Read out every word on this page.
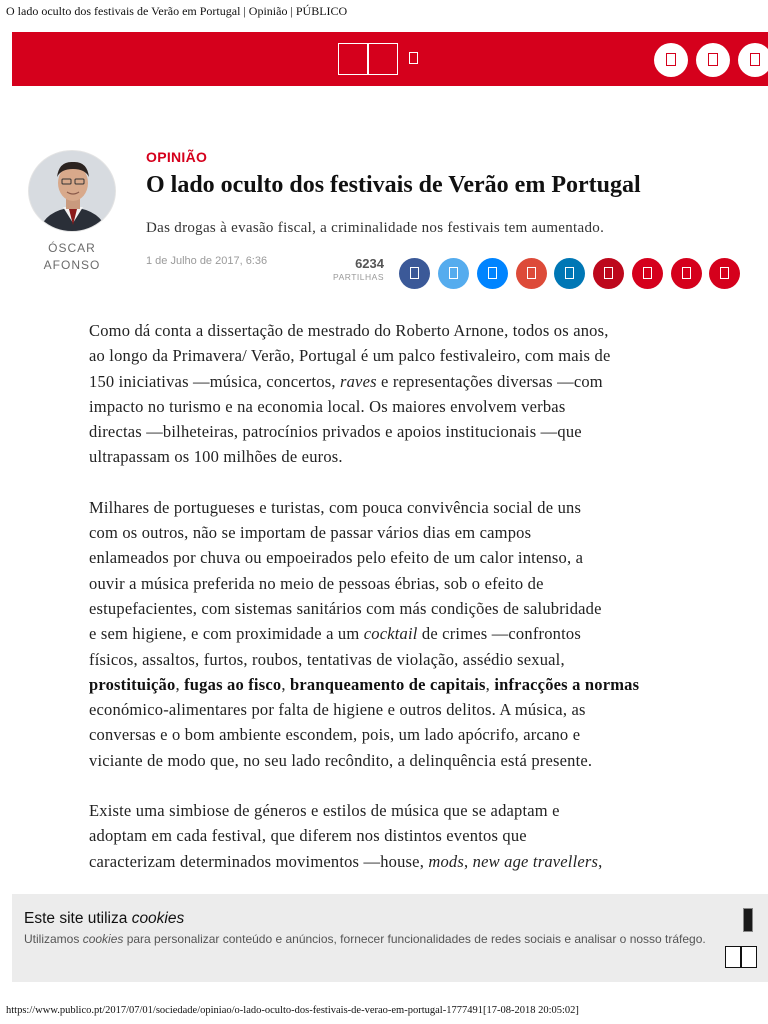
O lado oculto dos festivais de Verão em Portugal | Opinião | PÚBLICO
ÓSCAR
AFONSO
OPINIÃO
O lado oculto dos festivais de Verão em Portugal
Das drogas à evasão fiscal, a criminalidade nos festivais tem aumentado.
1 de Julho de 2017, 6:36	6234
PARTILHAS

Como dá conta a dissertação de mestrado do Roberto Arnone, todos os anos,
ao longo da Primavera/ Verão, Portugal é um palco festivaleiro, com mais de
150 iniciativas —música, concertos, raves e representações diversas —com
impacto no turismo e na economia local. Os maiores envolvem verbas
directas —bilheteiras, patrocínios privados e apoios institucionais —que
ultrapassam os 100 milhões de euros.

Milhares de portugueses e turistas, com pouca convivência social de uns
com os outros, não se importam de passar vários dias em campos
enlameados por chuva ou empoeirados pelo efeito de um calor intenso, a
ouvir a música preferida no meio de pessoas ébrias, sob o efeito de
estupefacientes, com sistemas sanitários com más condições de salubridade
e sem higiene, e com proximidade a um cocktail de crimes —confrontos
físicos, assaltos, furtos, roubos, tentativas de violação, assédio sexual,
prostituição, fugas ao fisco, branqueamento de capitais, infracções a normas
económico-alimentares por falta de higiene e outros delitos. A música, as
conversas e o bom ambiente escondem, pois, um lado apócrifo, arcano e
viciante de modo que, no seu lado recôndito, a delinquência está presente.

Existe uma simbiose de géneros e estilos de música que se adaptam e
adoptam em cada festival, que diferem nos distintos eventos que
caracterizam determinados movimentos —house, mods, new age travellers,

Este site utiliza cookies
Utilizamos cookies para personalizar conteúdo e anúncios, fornecer funcionalidades de redes sociais e analisar o nosso tráfego.
https://www.publico.pt/2017/07/01/sociedade/opiniao/o-lado-oculto-dos-festivais-de-verao-em-portugal-1777491[17-08-2018 20:05:02]
